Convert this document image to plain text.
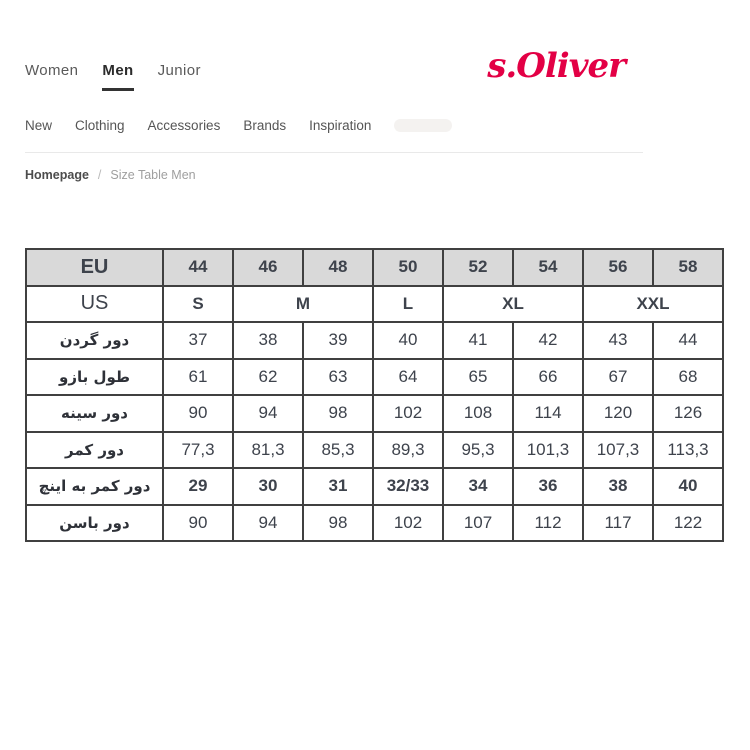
Women Men Junior	s.Oliver
New Clothing Accessories Brands Inspiration
Homepage / Size Table Men
EU	44	46	48	50	52	54	56	58
US	S	M		L	XL		XXL	
دور گردن	37	38	39	40	41	42	43	44
طول بازو	61	62	63	64	65	66	67	68
دور سینه	90	94	98	102	108	114	120	126
دور کمر	77,3	81,3	85,3	89,3	95,3	101,3	107,3	113,3
دور کمر به اینچ	29	30	31	32/33	34	36	38	40
دور باسن	90	94	98	102	107	112	117	122
